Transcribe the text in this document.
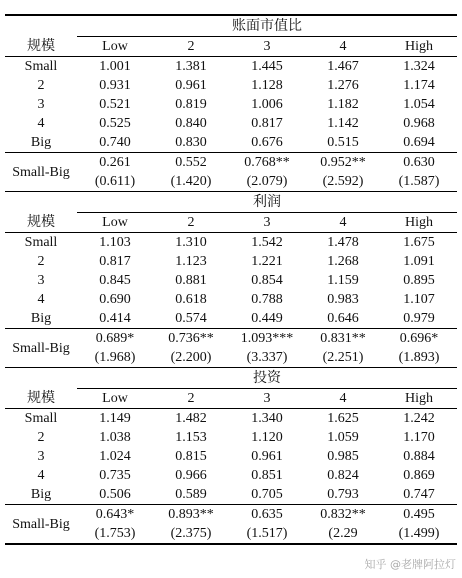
	账面市值比				
规模	Low	2	3	4	High
Small	1.001	1.381	1.445	1.467	1.324
2	0.931	0.961	1.128	1.276	1.174
3	0.521	0.819	1.006	1.182	1.054
4	0.525	0.840	0.817	1.142	0.968
Big	0.740	0.830	0.676	0.515	0.694
Small-Big	0.261	0.552	0.768**	0.952**	0.630
	(0.611)	(1.420)	(2.079)	(2.592)	(1.587)
	利润				
规模	Low	2	3	4	High
Small	1.103	1.310	1.542	1.478	1.675
2	0.817	1.123	1.221	1.268	1.091
3	0.845	0.881	0.854	1.159	0.895
4	0.690	0.618	0.788	0.983	1.107
Big	0.414	0.574	0.449	0.646	0.979
Small-Big	0.689*	0.736**	1.093***	0.831**	0.696*
	(1.968)	(2.200)	(3.337)	(2.251)	(1.893)
	投资				
规模	Low	2	3	4	High
Small	1.149	1.482	1.340	1.625	1.242
2	1.038	1.153	1.120	1.059	1.170
3	1.024	0.815	0.961	0.985	0.884
4	0.735	0.966	0.851	0.824	0.869
Big	0.506	0.589	0.705	0.793	0.747
Small-Big	0.643*	0.893**	0.635	0.832**	0.495
	(1.753)	(2.375)	(1.517)	(2.29	(1.499)
知乎 @老牌阿拉灯
